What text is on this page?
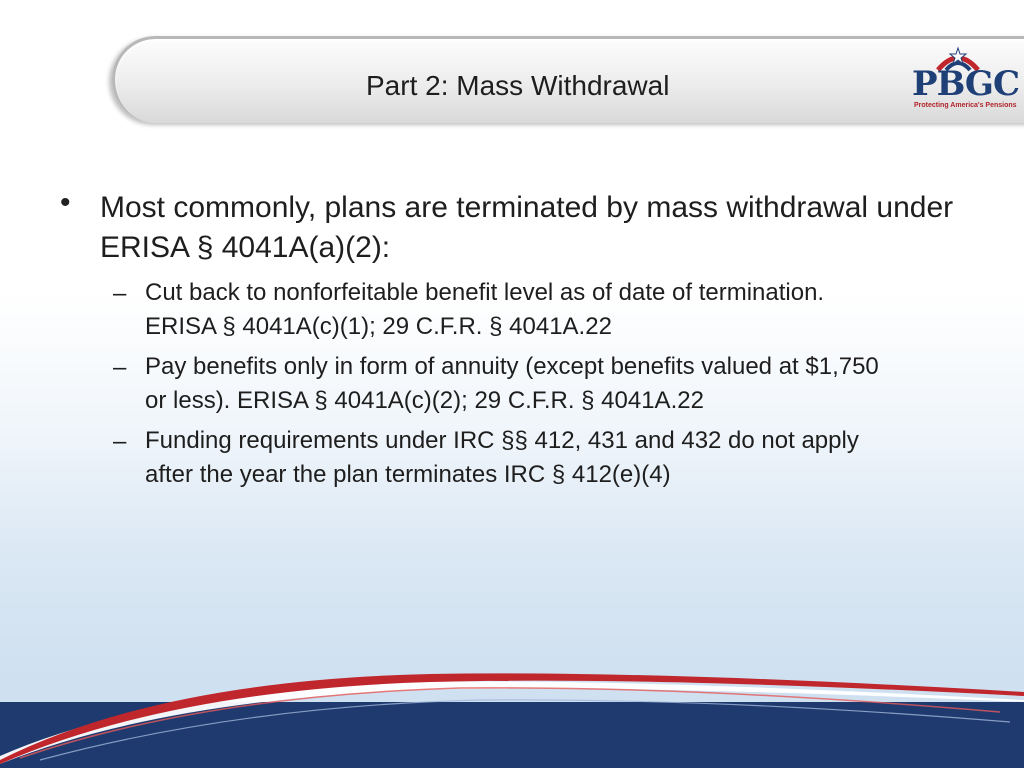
Part 2: Mass Withdrawal	PBGC
Protecting America's Pensions
• Most commonly, plans are terminated by mass withdrawal under ERISA § 4041A(a)(2):
– Cut back to nonforfeitable benefit level as of date of termination.
ERISA § 4041A(c)(1); 29 C.F.R. § 4041A.22
– Pay benefits only in form of annuity (except benefits valued at $1,750
or less). ERISA § 4041A(c)(2); 29 C.F.R. § 4041A.22
– Funding requirements under IRC §§ 412, 431 and 432 do not apply
after the year the plan terminates IRC § 412(e)(4)
